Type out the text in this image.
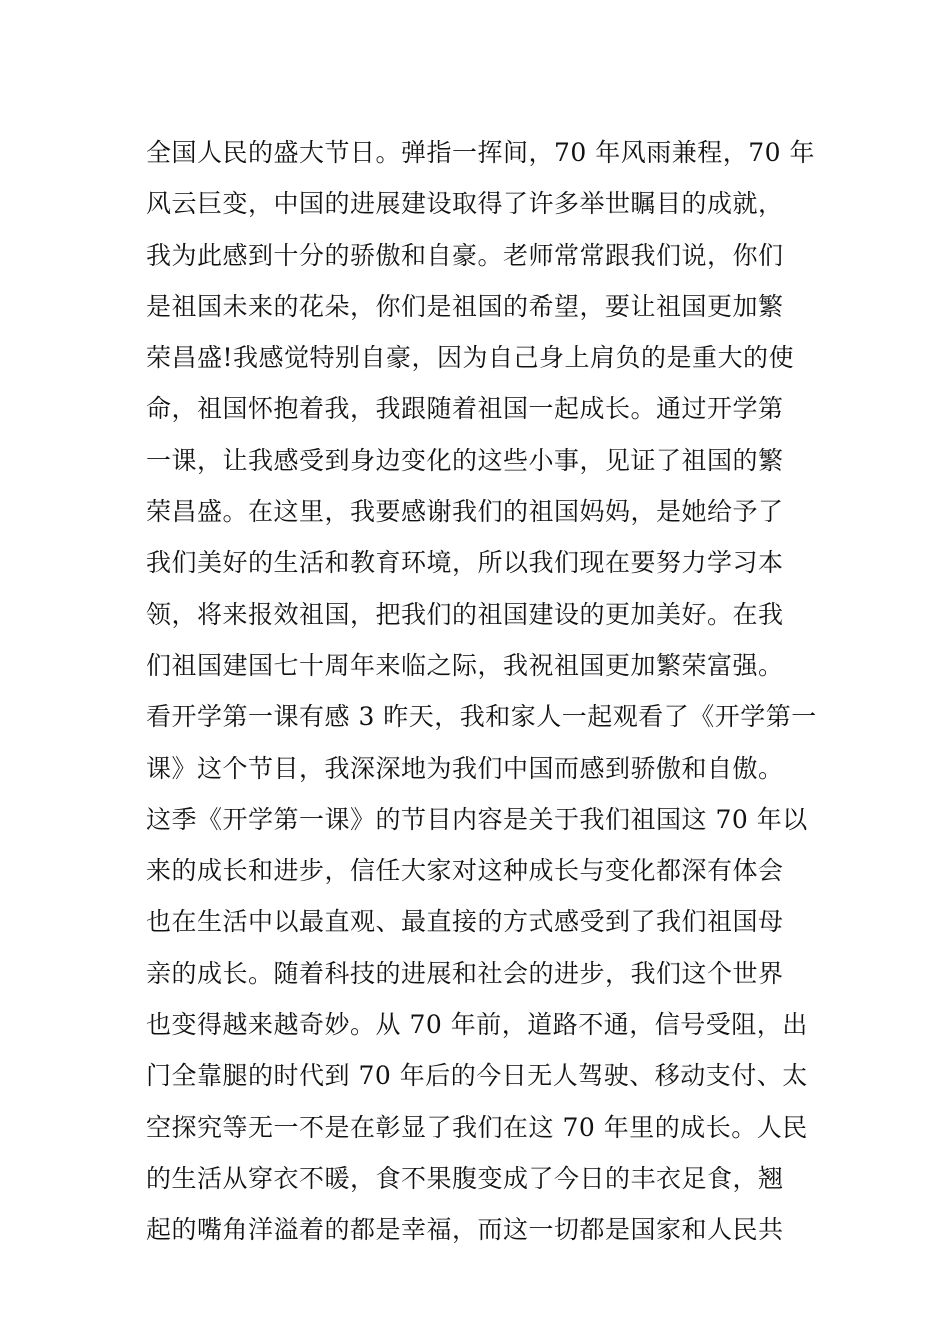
全国人民的盛大节日。弹指一挥间，70 年风雨兼程，70 年
风云巨变，中国的进展建设取得了许多举世瞩目的成就，
我为此感到十分的骄傲和自豪。老师常常跟我们说，你们
是祖国未来的花朵，你们是祖国的希望，要让祖国更加繁
荣昌盛!我感觉特别自豪，因为自己身上肩负的是重大的使
命，祖国怀抱着我，我跟随着祖国一起成长。通过开学第
一课，让我感受到身边变化的这些小事，见证了祖国的繁
荣昌盛。在这里，我要感谢我们的祖国妈妈，是她给予了
我们美好的生活和教育环境，所以我们现在要努力学习本
领，将来报效祖国，把我们的祖国建设的更加美好。在我
们祖国建国七十周年来临之际，我祝祖国更加繁荣富强。
看开学第一课有感 3 昨天，我和家人一起观看了《开学第一
课》这个节目，我深深地为我们中国而感到骄傲和自傲。
这季《开学第一课》的节目内容是关于我们祖国这 70 年以
来的成长和进步，信任大家对这种成长与变化都深有体会
也在生活中以最直观、最直接的方式感受到了我们祖国母
亲的成长。随着科技的进展和社会的进步，我们这个世界
也变得越来越奇妙。从 70 年前，道路不通，信号受阻，出
门全靠腿的时代到 70 年后的今日无人驾驶、移动支付、太
空探究等无一不是在彰显了我们在这 70 年里的成长。人民
的生活从穿衣不暖，食不果腹变成了今日的丰衣足食，翘
起的嘴角洋溢着的都是幸福，而这一切都是国家和人民共
